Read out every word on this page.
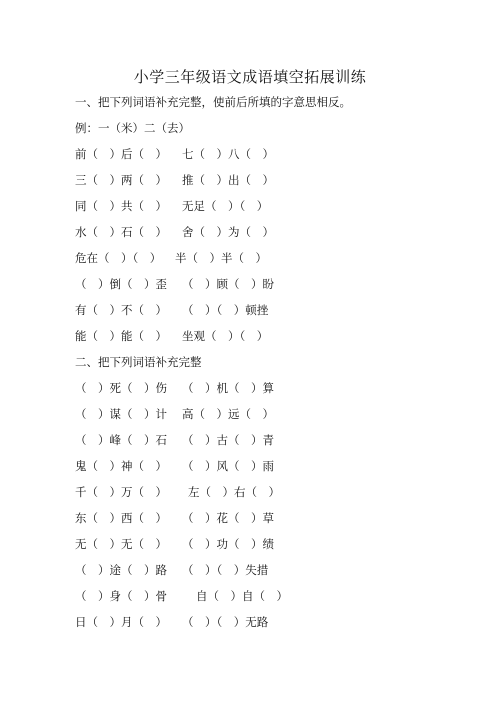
小学三年级语文成语填空拓展训练
一、把下列词语补充完整，使前后所填的字意思相反。
例：一（米）二（去）
前（　）后（　） 七（　）八（　）
三（　）两（　） 推（　）出（　）
同（　）共（　） 无足（　）（　）
水（　）石（　） 舍（　）为（　）
危在（　）（　） 半（　）半（　）
（　）倒（　）歪 （　）顾（　）盼
有（　）不（　） （　）（　）顿挫
能（　）能（　） 坐观（　）（　）
二、把下列词语补充完整
（　）死（　）伤 （　）机（　）算
（　）谋（　）计 高（　）远（　）
（　）峰（　）石 （　）古（　）青
鬼（　）神（　） （　）风（　）雨
千（　）万（　） 左（　）右（　）
东（　）西（　） （　）花（　）草
无（　）无（　） （　）功（　）绩
（　）途（　）路 （　）（　）失措
（　）身（　）骨	自（　）自（　）
日（　）月（　） （　）（　）无路
